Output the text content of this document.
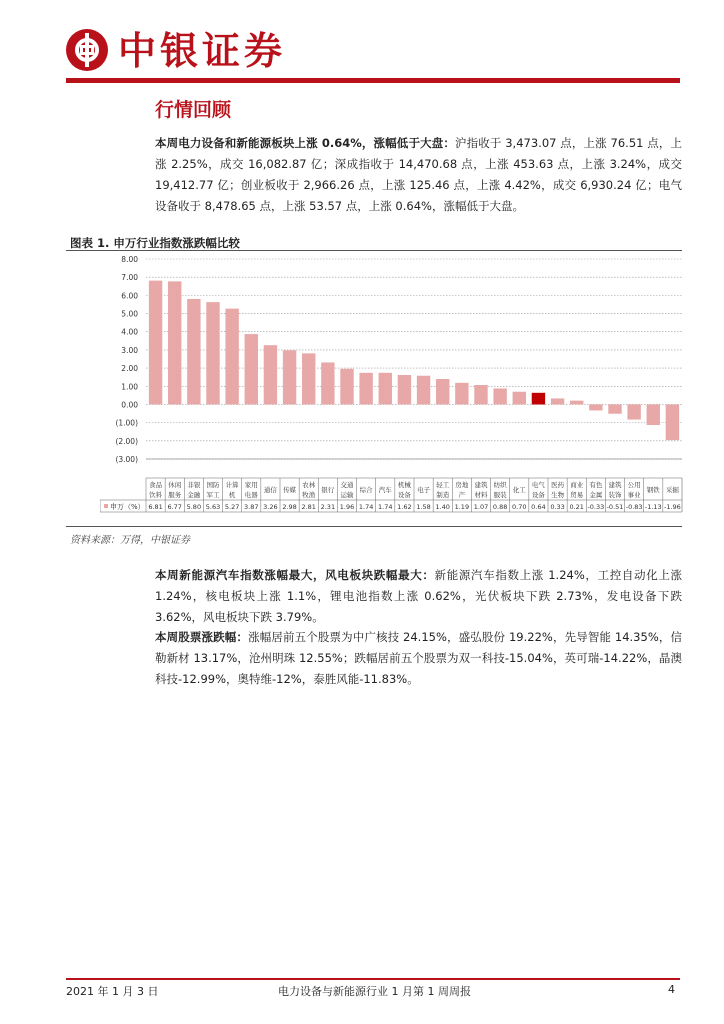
中银证券
行情回顾
本周电力设备和新能源板块上涨 0.64%，涨幅低于大盘：沪指收于 3,473.07 点，上涨 76.51 点，上涨 2.25%，成交 16,082.87 亿；深成指收于 14,470.68 点，上涨 453.63 点，上涨 3.24%，成交 19,412.77 亿；创业板收于 2,966.26 点，上涨 125.46 点，上涨 4.42%，成交 6,930.24 亿；电气设备收于 8,478.65 点，上涨 53.57 点，上涨 0.64%，涨幅低于大盘。
图表 1. 申万行业指数涨跌幅比较
8.00
7.00
6.00
5.00
4.00
3.00
2.00
1.00
0.00
(1.00)
(2.00)
(3.00)
申万（%）
食品
饮料
6.81
休闲
服务
6.77
非银
金融
5.80
国防
军工
5.63
计算
机
5.27
家用
电器
3.87
通信
3.26
传媒
2.98
农林
牧渔
2.81
银行
2.31
交通
运输
1.96
综合
1.74
汽车
1.74
机械
设备
1.62
电子
1.58
轻工
制造
1.40
房地
产
1.19
建筑
材料
1.07
纺织
服装
0.88
化工
0.70
电气
设备
0.64
医药
生物
0.33
商业
贸易
0.21
有色
金属
-0.33
建筑
装饰
-0.51
公用
事业
-0.83
钢铁
-1.13
采掘
-1.96
资料来源：万得，中银证券
本周新能源汽车指数涨幅最大，风电板块跌幅最大：新能源汽车指数上涨 1.24%，工控自动化上涨 1.24%，核电板块上涨 1.1%，锂电池指数上涨 0.62%，光伏板块下跌 2.73%，发电设备下跌 3.62%，风电板块下跌 3.79%。
本周股票涨跌幅：涨幅居前五个股票为中广核技 24.15%，盛弘股份 19.22%，先导智能 14.35%，信勒新材 13.17%，沧州明珠 12.55%；跌幅居前五个股票为双一科技-15.04%，英可瑞-14.22%，晶澳科技-12.99%，奥特维-12%，泰胜风能-11.83%。
2021 年 1 月 3 日	电力设备与新能源行业 1 月第 1 周周报	4
